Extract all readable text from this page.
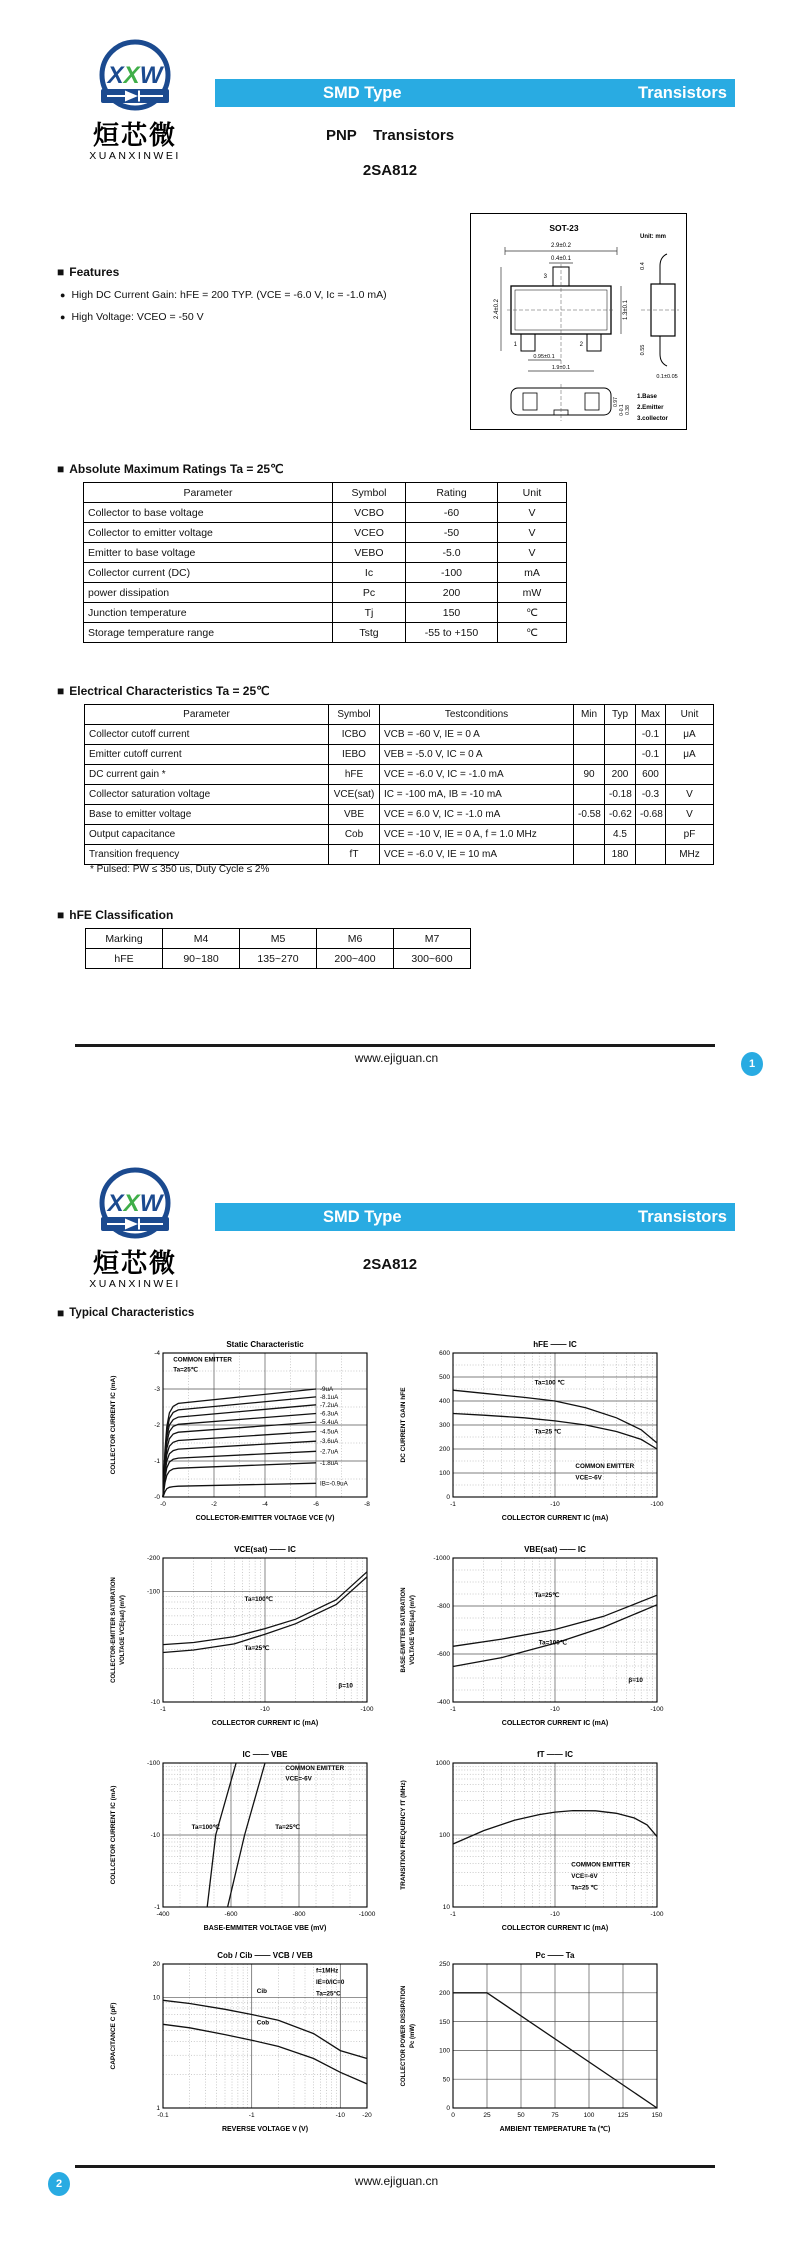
XXW
烜芯微
XUANXINWEI
SMD Type	Transistors
PNP    Transistors
2SA812
■ Features
● High DC Current Gain: hFE = 200 TYP. (VCE = -6.0 V, Ic = -1.0 mA)
● High Voltage: VCEO = -50 V
SOT-23
Unit: mm
2.9±0.2
0.4±0.1
3
1	2
2.4±0.2	1.3±0.1
0.95±0.1
1.9±0.1
0.4
0.55
0.1±0.05
0.97
0-0.1 0.38
1.Base
2.Emitter
3.collector
■ Absolute Maximum Ratings Ta = 25℃
Parameter	Symbol	Rating	Unit
Collector to base voltage	VCBO	-60	V
Collector to emitter voltage	VCEO	-50	V
Emitter to base voltage	VEBO	-5.0	V
Collector current (DC)	Ic	-100	mA
power dissipation	Pc	200	mW
Junction temperature	Tj	150	℃
Storage temperature range	Tstg	-55 to +150	℃
■ Electrical Characteristics Ta = 25℃
Parameter	Symbol	Testconditions	Min	Typ	Max	Unit
Collector cutoff current	ICBO	VCB = -60 V, IE = 0 A			-0.1	μA
Emitter cutoff current	IEBO	VEB = -5.0 V, IC = 0 A			-0.1	μA
DC current gain *	hFE	VCE = -6.0 V, IC = -1.0 mA	90	200	600	
Collector saturation voltage	VCE(sat)	IC = -100 mA, IB = -10 mA		-0.18	-0.3	V
Base to emitter voltage	VBE	VCE = 6.0 V, IC = -1.0 mA	-0.58	-0.62	-0.68	V
Output capacitance	Cob	VCE = -10 V, IE = 0 A, f = 1.0 MHz		4.5		pF
Transition frequency	fT	VCE = -6.0 V, IE = 10 mA		180		MHz
* Pulsed: PW ≤ 350 us, Duty Cycle ≤ 2%
■ hFE Classification
Marking	M4	M5	M6	M7
hFE	90~180	135~270	200~400	300~600
www.ejiguan.cn	1
XXW
烜芯微
XUANXINWEI
SMD Type	Transistors
2SA812
■ Typical Characteristics
-9uA
-8.1uA
-7.2uA
-6.3uA
-5.4uA
-4.5uA
-3.6uA
-2.7uA
-1.8uA
IB=-0.9uA
COMMON EMITTER
Ta=25℃
-0	-2	-4	-6	-8
-0
-1
-2
-3
-4
Static Characteristic
COLLECTOR-EMITTER VOLTAGE VCE (V)
COLLECTOR CURRENT IC (mA)	Ta=100 ℃
Ta=25 ℃
COMMON EMITTER
VCE=-6V
-1	-10	-100
0
100
200
300
400
500
600
hFE —— IC
COLLECTOR CURRENT IC (mA)
DC CURRENT GAIN hFE
Ta=100℃
Ta=25℃
β=10
-1	-10	-100
-10
-100
-200
VCE(sat) —— IC
COLLECTOR CURRENT IC (mA)
COLLECTOR-EMITTER SATURATION VOLTAGE VCE(sat) (mV)	Ta=25℃
Ta=100℃
β=10
-1	-10	-100
-400
-600
-800
-1000
VBE(sat) —— IC
COLLECTOR CURRENT IC (mA)
BASE-EMITTER SATURATION VOLTAGE VBE(sat) (mV)
Ta=100℃	Ta=25℃
COMMON EMITTER
VCE=-6V
-400	-600	-800	-1000
-1
-10
-100
IC —— VBE
BASE-EMMITER VOLTAGE VBE (mV)
COLLCETOR CURRENT IC (mA)	COMMON EMITTER
VCE=-6V
Ta=25 ℃
-1	-10	-100
10
100
1000
fT —— IC
COLLECTOR CURRENT IC (mA)
TRANSITION FREQUENCY fT (MHz)
f=1MHz
IE=0/IC=0
Ta=25°C
Cib
Cob
-0.1	-1	-10	-20
1
10
20
Cob / Cib —— VCB / VEB
REVERSE VOLTAGE V (V)
CAPACITANCE C (pF)
0	25	50	75	100	125	150
0
50
100
150
200
250
Pc —— Ta
AMBIENT TEMPERATURE Ta (℃)
COLLECTOR POWER DISSIPATION Pc (mW)
www.ejiguan.cn
2
